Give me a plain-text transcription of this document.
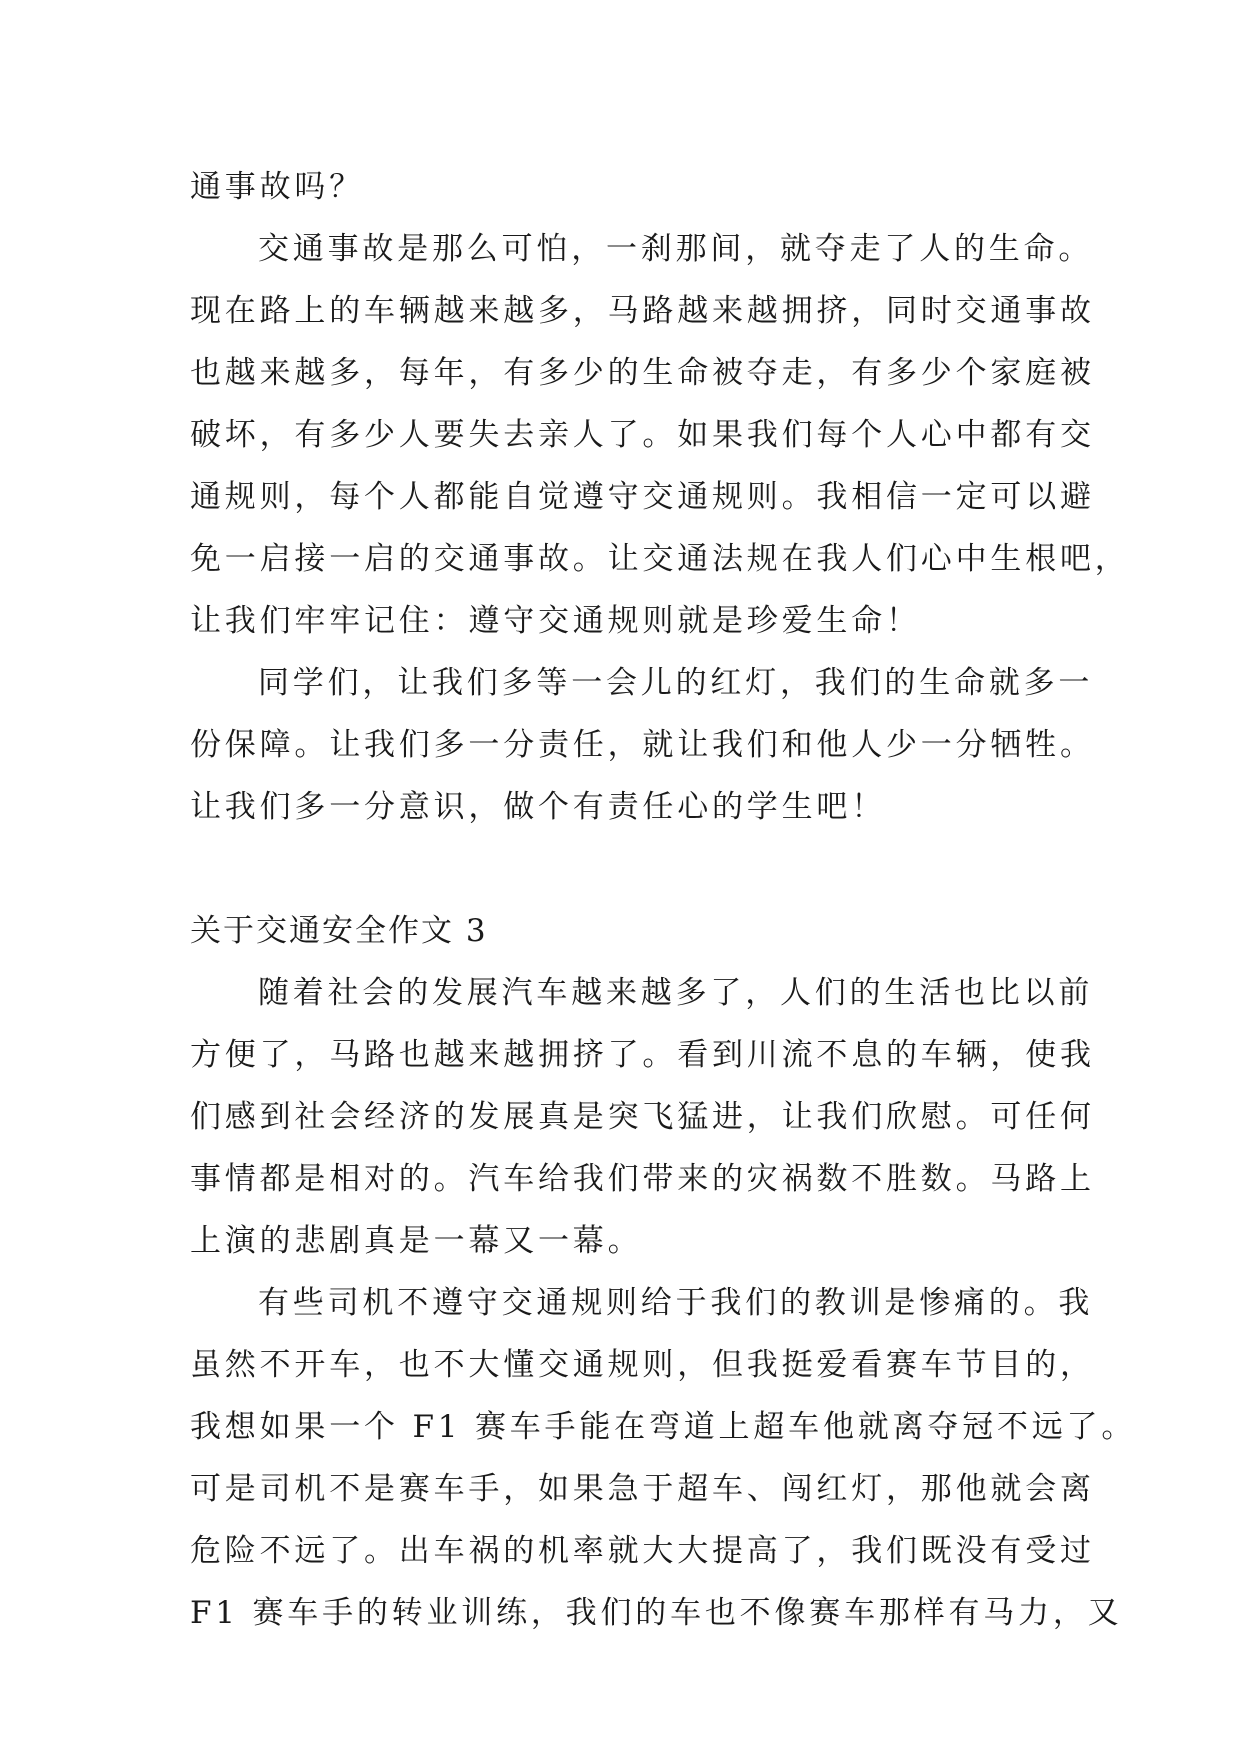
通事故吗？
交通事故是那么可怕，一刹那间，就夺走了人的生命。
现在路上的车辆越来越多，马路越来越拥挤，同时交通事故
也越来越多，每年，有多少的生命被夺走，有多少个家庭被
破坏，有多少人要失去亲人了。如果我们每个人心中都有交
通规则，每个人都能自觉遵守交通规则。我相信一定可以避
免一启接一启的交通事故。让交通法规在我人们心中生根吧，
让我们牢牢记住：遵守交通规则就是珍爱生命！
同学们，让我们多等一会儿的红灯，我们的生命就多一
份保障。让我们多一分责任，就让我们和他人少一分牺牲。
让我们多一分意识，做个有责任心的学生吧！
关于交通安全作文 3
随着社会的发展汽车越来越多了，人们的生活也比以前
方便了，马路也越来越拥挤了。看到川流不息的车辆，使我
们感到社会经济的发展真是突飞猛进，让我们欣慰。可任何
事情都是相对的。汽车给我们带来的灾祸数不胜数。马路上
上演的悲剧真是一幕又一幕。
有些司机不遵守交通规则给于我们的教训是惨痛的。我
虽然不开车，也不大懂交通规则，但我挺爱看赛车节目的，
我想如果一个 F1 赛车手能在弯道上超车他就离夺冠不远了。
可是司机不是赛车手，如果急于超车、闯红灯，那他就会离
危险不远了。出车祸的机率就大大提高了，我们既没有受过
F1 赛车手的转业训练，我们的车也不像赛车那样有马力，又
